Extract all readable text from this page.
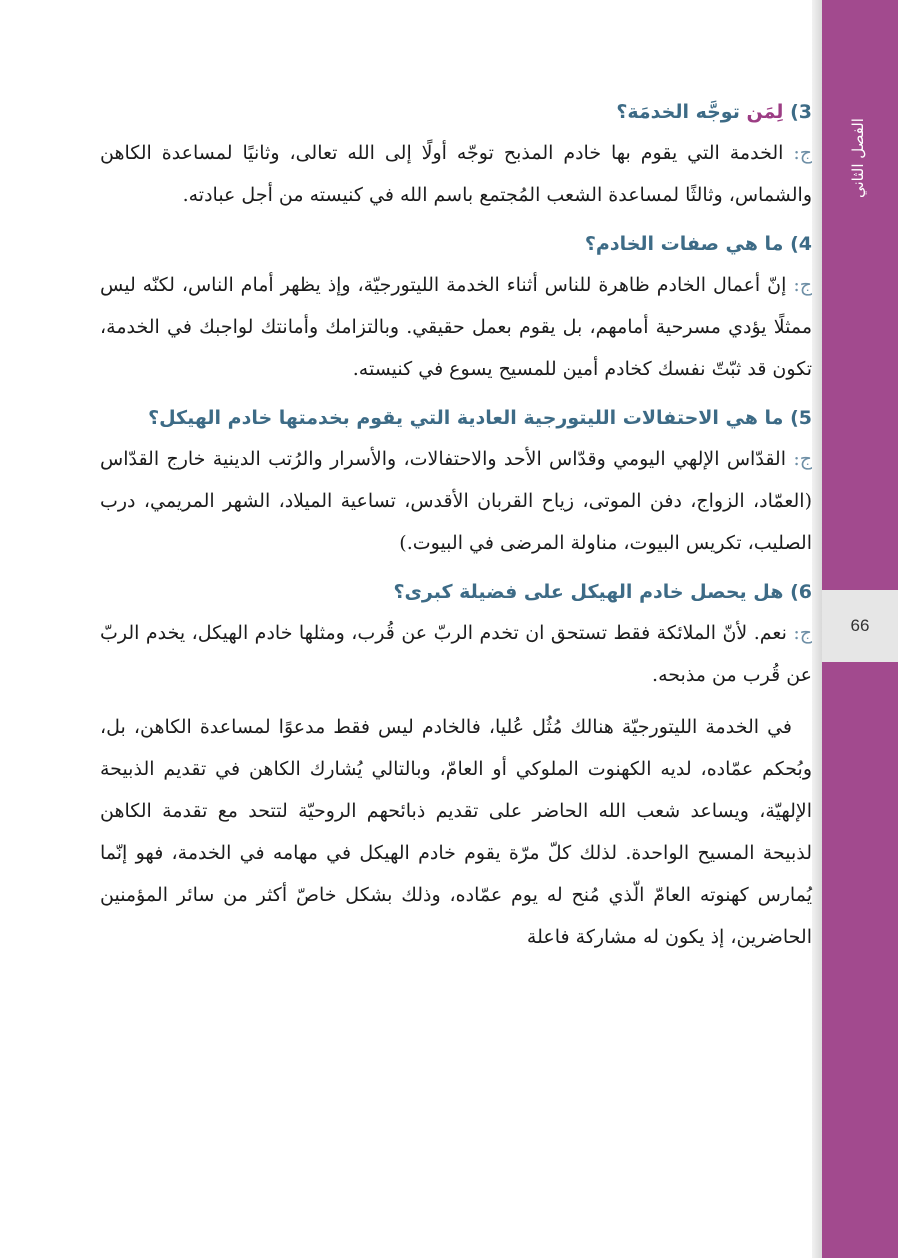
الفصل الثاني
66

3) لِمَن توجَّه الخدمَة؟

ج: الخدمة التي يقوم بها خادم المذبح توجّه أولًا إلى الله تعالى، وثانيًا لمساعدة الكاهن والشماس، وثالثًا لمساعدة الشعب المُجتمع باسم الله في كنيسته من أجل عبادته.

4) ما هي صفات الخادم؟

ج: إنّ أعمال الخادم ظاهرة للناس أثناء الخدمة الليتورجيّة، وإذ يظهر أمام الناس، لكنّه ليس ممثلًا يؤدي مسرحية أمامهم، بل يقوم بعمل حقيقي. وبالتزامك وأمانتك لواجبك في الخدمة، تكون قد ثبّتّ نفسك كخادم أمين للمسيح يسوع في كنيسته.

5) ما هي الاحتفالات الليتورجية العادية التي يقوم بخدمتها خادم الهيكل؟

ج: القدّاس الإلهي اليومي وقدّاس الأحد والاحتفالات، والأسرار والرُتب الدينية خارج القدّاس (العمّاد، الزواج، دفن الموتى، زياح القربان الأقدس، تساعية الميلاد، الشهر المريمي، درب الصليب، تكريس البيوت، مناولة المرضى في البيوت.)

6) هل يحصل خادم الهيكل على فضيلة كبرى؟

ج: نعم. لأنّ الملائكة فقط تستحق ان تخدم الربّ عن قُرب، ومثلها خادم الهيكل، يخدم الربّ عن قُرب من مذبحه.

في الخدمة الليتورجيّة هنالك مُثُل عُليا، فالخادم ليس فقط مدعوًا لمساعدة الكاهن، بل، وبُحكم عمّاده، لديه الكهنوت الملوكي أو العامّ، وبالتالي يُشارك الكاهن في تقديم الذبيحة الإلهيّة، ويساعد شعب الله الحاضر على تقديم ذبائحهم الروحيّة لتتحد مع تقدمة الكاهن لذبيحة المسيح الواحدة. لذلك كلّ مرّة يقوم خادم الهيكل في مهامه في الخدمة، فهو إنّما يُمارس كهنوته العامّ الّذي مُنح له يوم عمّاده، وذلك بشكل خاصّ أكثر من سائر المؤمنين الحاضرين، إذ يكون له مشاركة فاعلة
